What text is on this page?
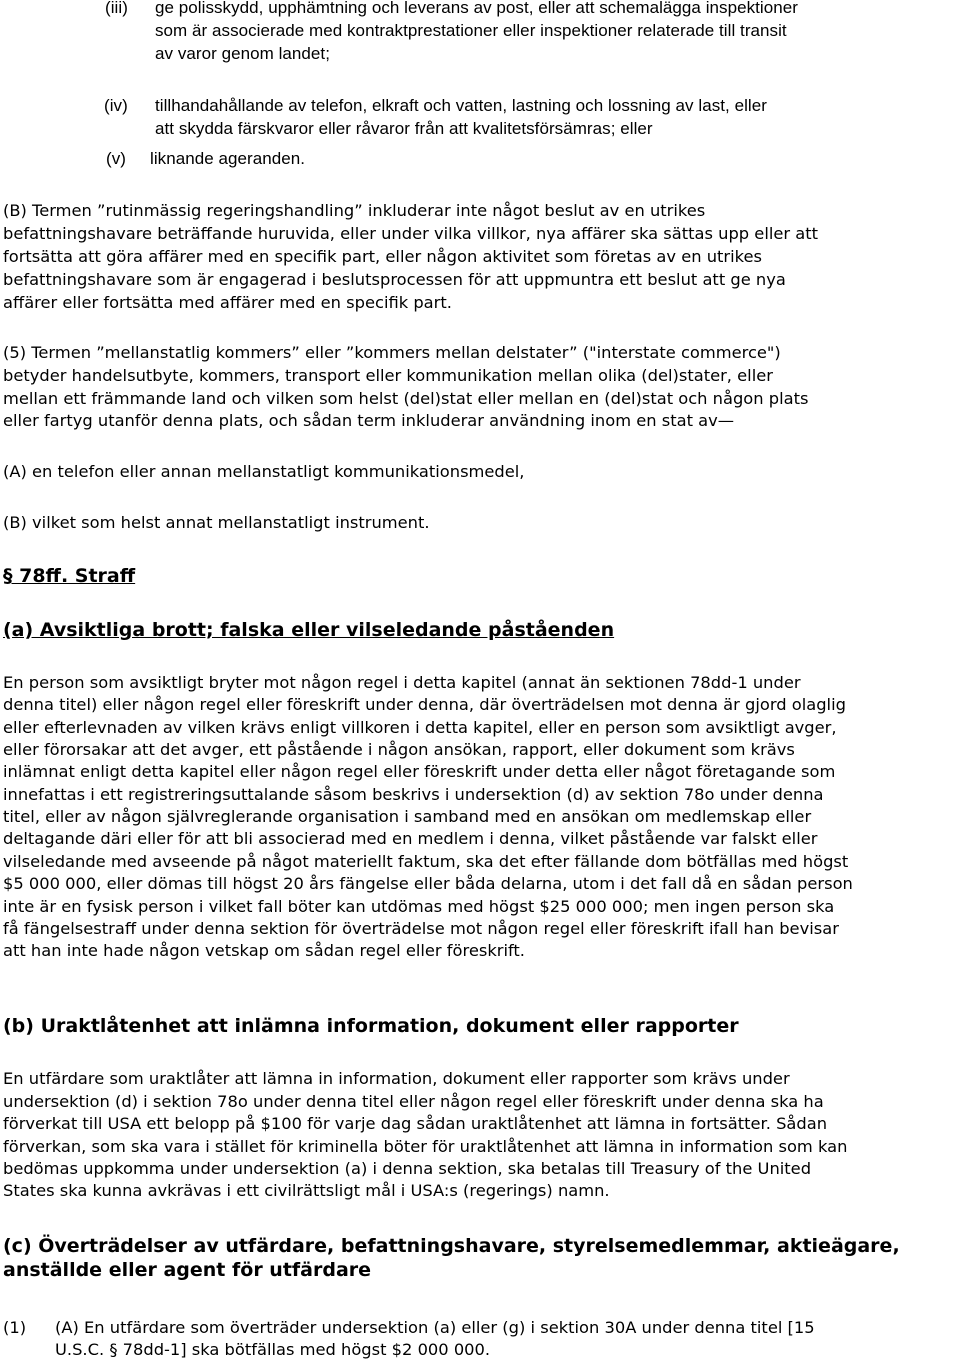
(iii) ge polisskydd, upphämtning och leverans av post, eller att schemalägga inspektioner
som är associerade med kontraktprestationer eller inspektioner relaterade till transit
av varor genom landet;
(iv) tillhandahållande av telefon, elkraft och vatten, lastning och lossning av last, eller
att skydda färskvaror eller råvaror från att kvalitetsförsämras; eller
(v) liknande ageranden.
(B) Termen ”rutinmässig regeringshandling” inkluderar inte något beslut av en utrikes
befattningshavare beträffande huruvida, eller under vilka villkor, nya affärer ska sättas upp eller att
fortsätta att göra affärer med en specifik part, eller någon aktivitet som företas av en utrikes
befattningshavare som är engagerad i beslutsprocessen för att uppmuntra ett beslut att ge nya
affärer eller fortsätta med affärer med en specifik part.
(5) Termen ”mellanstatlig kommers” eller ”kommers mellan delstater” ("interstate commerce")
betyder handelsutbyte, kommers, transport eller kommunikation mellan olika (del)stater, eller
mellan ett främmande land och vilken som helst (del)stat eller mellan en (del)stat och någon plats
eller fartyg utanför denna plats, och sådan term inkluderar användning inom en stat av—
(A) en telefon eller annan mellanstatligt kommunikationsmedel,
(B) vilket som helst annat mellanstatligt instrument.
§ 78ff. Straff
(a) Avsiktliga brott; falska eller vilseledande påståenden
En person som avsiktligt bryter mot någon regel i detta kapitel (annat än sektionen 78dd-1 under
denna titel) eller någon regel eller föreskrift under denna, där överträdelsen mot denna är gjord olaglig
eller efterlevnaden av vilken krävs enligt villkoren i detta kapitel, eller en person som avsiktligt avger,
eller förorsakar att det avger, ett påstående i någon ansökan, rapport, eller dokument som krävs
inlämnat enligt detta kapitel eller någon regel eller föreskrift under detta eller något företagande som
innefattas i ett registreringsuttalande såsom beskrivs i undersektion (d) av sektion 78o under denna
titel, eller av någon självreglerande organisation i samband med en ansökan om medlemskap eller
deltagande däri eller för att bli associerad med en medlem i denna, vilket påstående var falskt eller
vilseledande med avseende på något materiellt faktum, ska det efter fällande dom bötfällas med högst
$5 000 000, eller dömas till högst 20 års fängelse eller båda delarna, utom i det fall då en sådan person
inte är en fysisk person i vilket fall böter kan utdömas med högst $25 000 000; men ingen person ska
få fängelsestraff under denna sektion för överträdelse mot någon regel eller föreskrift ifall han bevisar
att han inte hade någon vetskap om sådan regel eller föreskrift.
(b) Uraktlåtenhet att inlämna information, dokument eller rapporter
En utfärdare som uraktlåter att lämna in information, dokument eller rapporter som krävs under
undersektion (d) i sektion 78o under denna titel eller någon regel eller föreskrift under denna ska ha
förverkat till USA ett belopp på $100 för varje dag sådan uraktlåtenhet att lämna in fortsätter. Sådan
förverkan, som ska vara i stället för kriminella böter för uraktlåtenhet att lämna in information som kan
bedömas uppkomma under undersektion (a) i denna sektion, ska betalas till Treasury of the United
States ska kunna avkrävas i ett civilrättsligt mål i USA:s (regerings) namn.
(c) Överträdelser av utfärdare, befattningshavare, styrelsemedlemmar, aktieägare,
anställde eller agent för utfärdare
(1) (A) En utfärdare som överträder undersektion (a) eller (g) i sektion 30A under denna titel [15
U.S.C. § 78dd-1] ska bötfällas med högst $2 000 000.
